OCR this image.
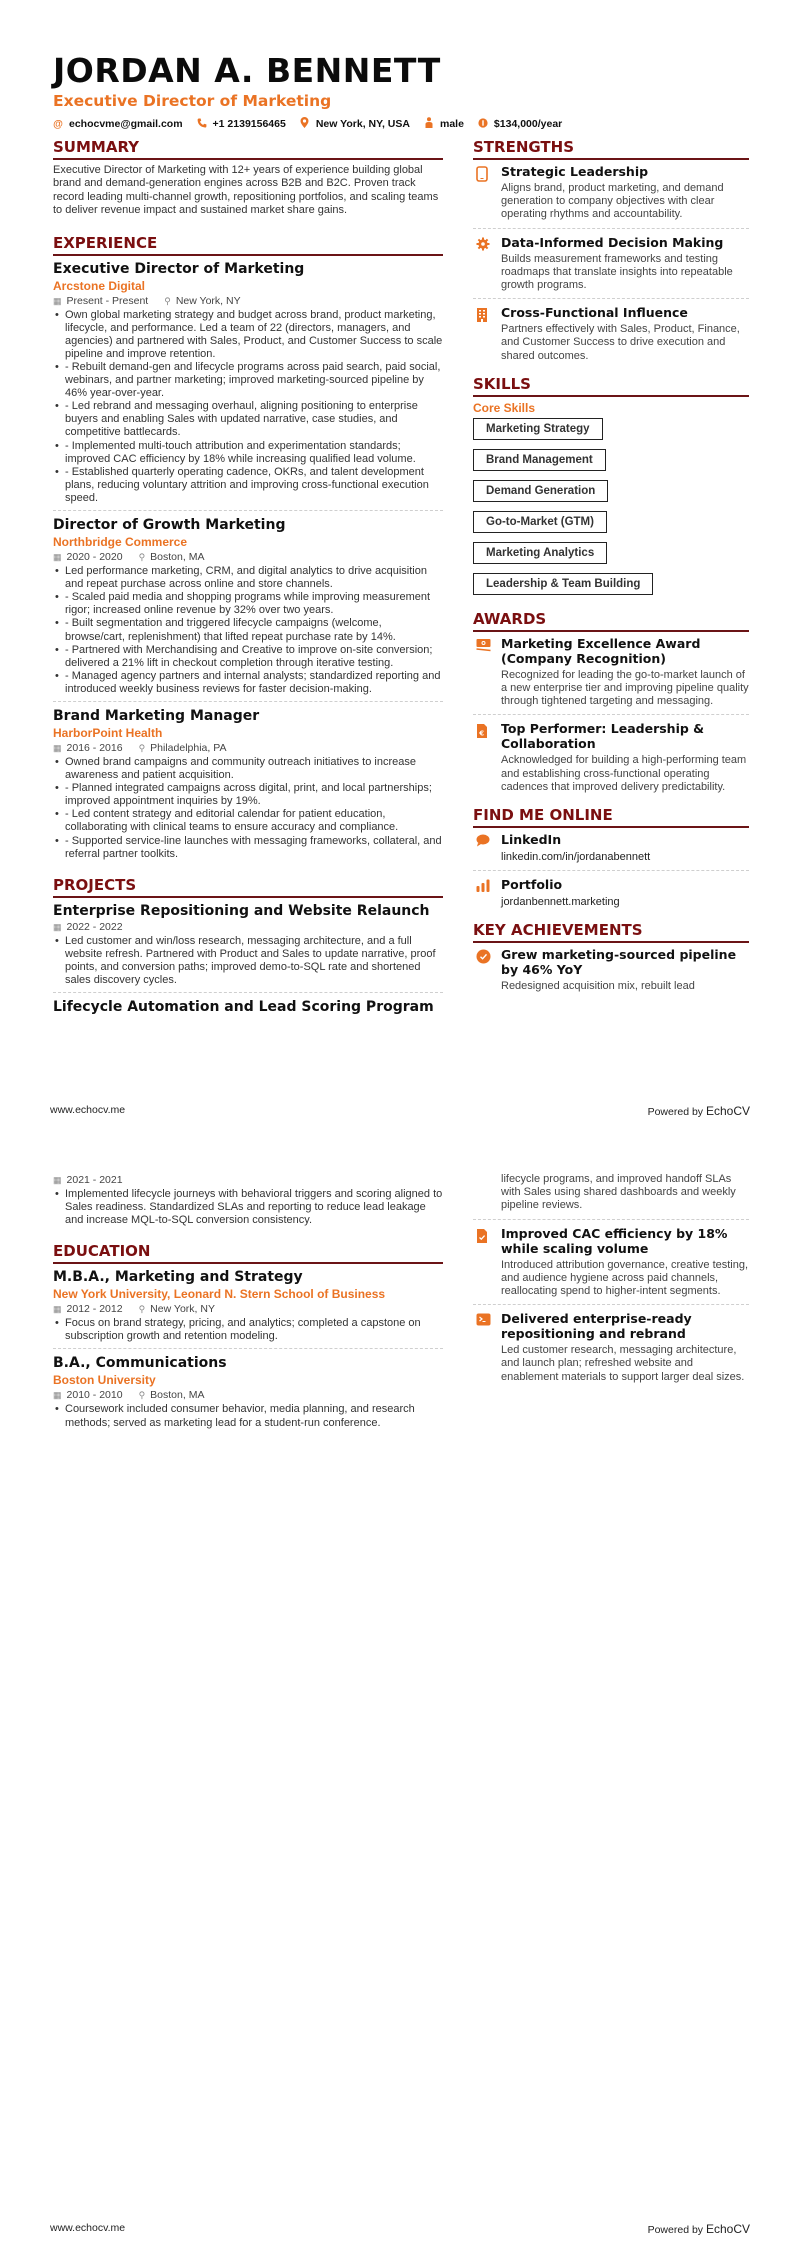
JORDAN A. BENNETT
Executive Director of Marketing
@ echocvme@gmail.com	+1 2139156465	New York, NY, USA	male	$134,000/year
SUMMARY
Executive Director of Marketing with 12+ years of experience building global brand and demand-generation engines across B2B and B2C. Proven track record leading multi-channel growth, repositioning portfolios, and scaling teams to deliver revenue impact and sustained market share gains.
EXPERIENCE
Executive Director of Marketing
Arcstone Digital
▦ Present - Present ⚲ New York, NY
• Own global marketing strategy and budget across brand, product marketing, lifecycle, and performance. Led a team of 22 (directors, managers, and agencies) and partnered with Sales, Product, and Customer Success to scale pipeline and improve retention.
• - Rebuilt demand-gen and lifecycle programs across paid search, paid social, webinars, and partner marketing; improved marketing-sourced pipeline by 46% year-over-year.
• - Led rebrand and messaging overhaul, aligning positioning to enterprise buyers and enabling Sales with updated narrative, case studies, and competitive battlecards.
• - Implemented multi-touch attribution and experimentation standards; improved CAC efficiency by 18% while increasing qualified lead volume.
• - Established quarterly operating cadence, OKRs, and talent development plans, reducing voluntary attrition and improving cross-functional execution speed.
Director of Growth Marketing
Northbridge Commerce
▦ 2020 - 2020 ⚲ Boston, MA
• Led performance marketing, CRM, and digital analytics to drive acquisition and repeat purchase across online and store channels.
• - Scaled paid media and shopping programs while improving measurement rigor; increased online revenue by 32% over two years.
• - Built segmentation and triggered lifecycle campaigns (welcome, browse/cart, replenishment) that lifted repeat purchase rate by 14%.
• - Partnered with Merchandising and Creative to improve on-site conversion; delivered a 21% lift in checkout completion through iterative testing.
• - Managed agency partners and internal analysts; standardized reporting and introduced weekly business reviews for faster decision-making.
Brand Marketing Manager
HarborPoint Health
▦ 2016 - 2016 ⚲ Philadelphia, PA
• Owned brand campaigns and community outreach initiatives to increase awareness and patient acquisition.
• - Planned integrated campaigns across digital, print, and local partnerships; improved appointment inquiries by 19%.
• - Led content strategy and editorial calendar for patient education, collaborating with clinical teams to ensure accuracy and compliance.
• - Supported service-line launches with messaging frameworks, collateral, and referral partner toolkits.
PROJECTS
Enterprise Repositioning and Website Relaunch
▦ 2022 - 2022
• Led customer and win/loss research, messaging architecture, and a full website refresh. Partnered with Product and Sales to update narrative, proof points, and conversion paths; improved demo-to-SQL rate and shortened sales discovery cycles.
Lifecycle Automation and Lead Scoring Program
STRENGTHS
Strategic Leadership
Aligns brand, product marketing, and demand generation to company objectives with clear operating rhythms and accountability.
Data-Informed Decision Making
Builds measurement frameworks and testing roadmaps that translate insights into repeatable growth programs.
Cross-Functional Influence
Partners effectively with Sales, Product, Finance, and Customer Success to drive execution and shared outcomes.
SKILLS
Core Skills
Marketing Strategy
Brand Management
Demand Generation
Go-to-Market (GTM)
Marketing Analytics
Leadership & Team Building
AWARDS
Marketing Excellence Award (Company Recognition)
Recognized for leading the go-to-market launch of a new enterprise tier and improving pipeline quality through tightened targeting and messaging.
€ Top Performer: Leadership & Collaboration
Acknowledged for building a high-performing team and establishing cross-functional operating cadences that improved delivery predictability.
FIND ME ONLINE
LinkedIn
linkedin.com/in/jordanabennett
Portfolio
jordanbennett.marketing
KEY ACHIEVEMENTS
Grew marketing-sourced pipeline by 46% YoY
Redesigned acquisition mix, rebuilt lead
www.echocv.me	Powered by EchoCV
▦ 2021 - 2021
• Implemented lifecycle journeys with behavioral triggers and scoring aligned to Sales readiness. Standardized SLAs and reporting to reduce lead leakage and increase MQL-to-SQL conversion consistency.
EDUCATION
M.B.A., Marketing and Strategy
New York University, Leonard N. Stern School of Business
▦ 2012 - 2012 ⚲ New York, NY
• Focus on brand strategy, pricing, and analytics; completed a capstone on subscription growth and retention modeling.
B.A., Communications
Boston University
▦ 2010 - 2010 ⚲ Boston, MA
• Coursework included consumer behavior, media planning, and research methods; served as marketing lead for a student-run conference.
lifecycle programs, and improved handoff SLAs with Sales using shared dashboards and weekly pipeline reviews.
Improved CAC efficiency by 18% while scaling volume
Introduced attribution governance, creative testing, and audience hygiene across paid channels, reallocating spend to higher-intent segments.
Delivered enterprise-ready repositioning and rebrand
Led customer research, messaging architecture, and launch plan; refreshed website and enablement materials to support larger deal sizes.
www.echocv.me	Powered by EchoCV
